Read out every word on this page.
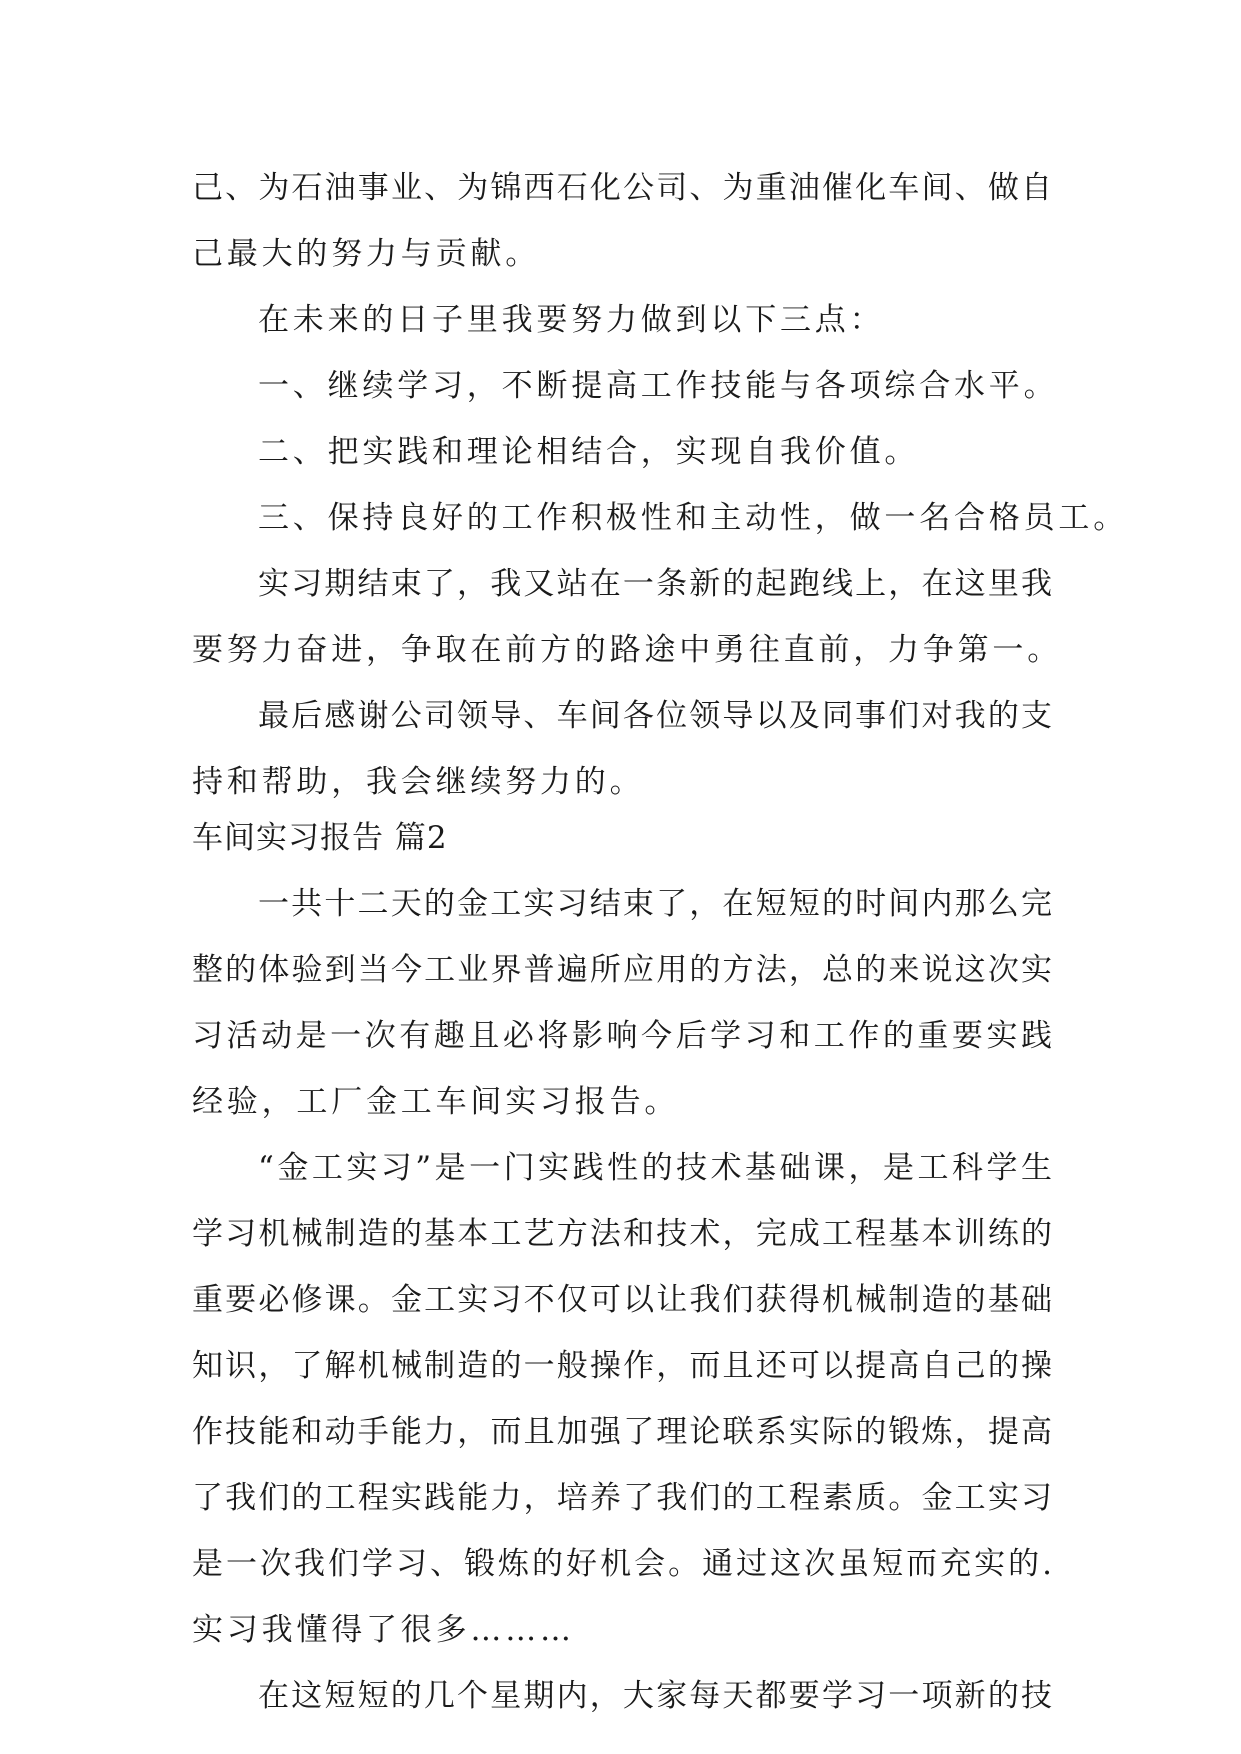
己、为石油事业、为锦西石化公司、为重油催化车间、做自
己最大的努力与贡献。
在未来的日子里我要努力做到以下三点：
一、继续学习，不断提高工作技能与各项综合水平。
二、把实践和理论相结合，实现自我价值。
三、保持良好的工作积极性和主动性，做一名合格员工。
实习期结束了，我又站在一条新的起跑线上，在这里我
要努力奋进，争取在前方的路途中勇往直前，力争第一。
最后感谢公司领导、车间各位领导以及同事们对我的支
持和帮助，我会继续努力的。
车间实习报告 篇2
一共十二天的金工实习结束了，在短短的时间内那么完
整的体验到当今工业界普遍所应用的方法，总的来说这次实
习活动是一次有趣且必将影响今后学习和工作的重要实践
经验，工厂金工车间实习报告。
“金工实习”是一门实践性的技术基础课，是工科学生
学习机械制造的基本工艺方法和技术，完成工程基本训练的
重要必修课。金工实习不仅可以让我们获得机械制造的基础
知识，了解机械制造的一般操作，而且还可以提高自己的操
作技能和动手能力，而且加强了理论联系实际的锻炼，提高
了我们的工程实践能力，培养了我们的工程素质。金工实习
是一次我们学习、锻炼的好机会。通过这次虽短而充实的.
实习我懂得了很多………
在这短短的几个星期内，大家每天都要学习一项新的技
